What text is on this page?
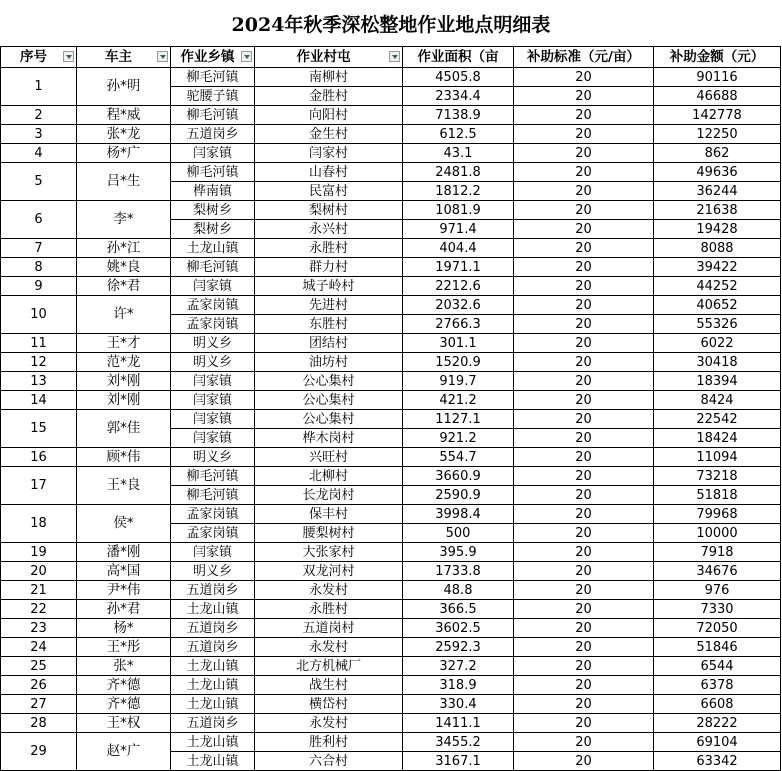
2024年秋季深松整地作业地点明细表
序号	车主	作业乡镇	作业村屯	作业面积（亩	补助标准（元/亩）	补助金额（元）
1	孙*明	柳毛河镇	南柳村	4505.8	20	90116
		驼腰子镇	金胜村	2334.4	20	46688
2	程*威	柳毛河镇	向阳村	7138.9	20	142778
3	张*龙	五道岗乡	金生村	612.5	20	12250
4	杨*广	闫家镇	闫家村	43.1	20	862
5	吕*生	柳毛河镇	山春村	2481.8	20	49636
		桦南镇	民富村	1812.2	20	36244
6	李*	梨树乡	梨树村	1081.9	20	21638
		梨树乡	永兴村	971.4	20	19428
7	孙*江	土龙山镇	永胜村	404.4	20	8088
8	姚*良	柳毛河镇	群力村	1971.1	20	39422
9	徐*君	闫家镇	城子岭村	2212.6	20	44252
10	许*	孟家岗镇	先进村	2032.6	20	40652
		孟家岗镇	东胜村	2766.3	20	55326
11	王*才	明义乡	团结村	301.1	20	6022
12	范*龙	明义乡	油坊村	1520.9	20	30418
13	刘*刚	闫家镇	公心集村	919.7	20	18394
14	刘*刚	闫家镇	公心集村	421.2	20	8424
15	郭*佳	闫家镇	公心集村	1127.1	20	22542
		闫家镇	桦木岗村	921.2	20	18424
16	顾*伟	明义乡	兴旺村	554.7	20	11094
17	王*良	柳毛河镇	北柳村	3660.9	20	73218
		柳毛河镇	长龙岗村	2590.9	20	51818
18	侯*	孟家岗镇	保丰村	3998.4	20	79968
		孟家岗镇	腰梨树村	500	20	10000
19	潘*刚	闫家镇	大张家村	395.9	20	7918
20	高*国	明义乡	双龙河村	1733.8	20	34676
21	尹*伟	五道岗乡	永发村	48.8	20	976
22	孙*君	土龙山镇	永胜村	366.5	20	7330
23	杨*	五道岗乡	五道岗村	3602.5	20	72050
24	王*彤	五道岗乡	永发村	2592.3	20	51846
25	张*	土龙山镇	北方机械厂	327.2	20	6544
26	齐*德	土龙山镇	战生村	318.9	20	6378
27	齐*德	土龙山镇	横岱村	330.4	20	6608
28	王*权	五道岗乡	永发村	1411.1	20	28222
29	赵*广	土龙山镇	胜利村	3455.2	20	69104
		土龙山镇	六合村	3167.1	20	63342
